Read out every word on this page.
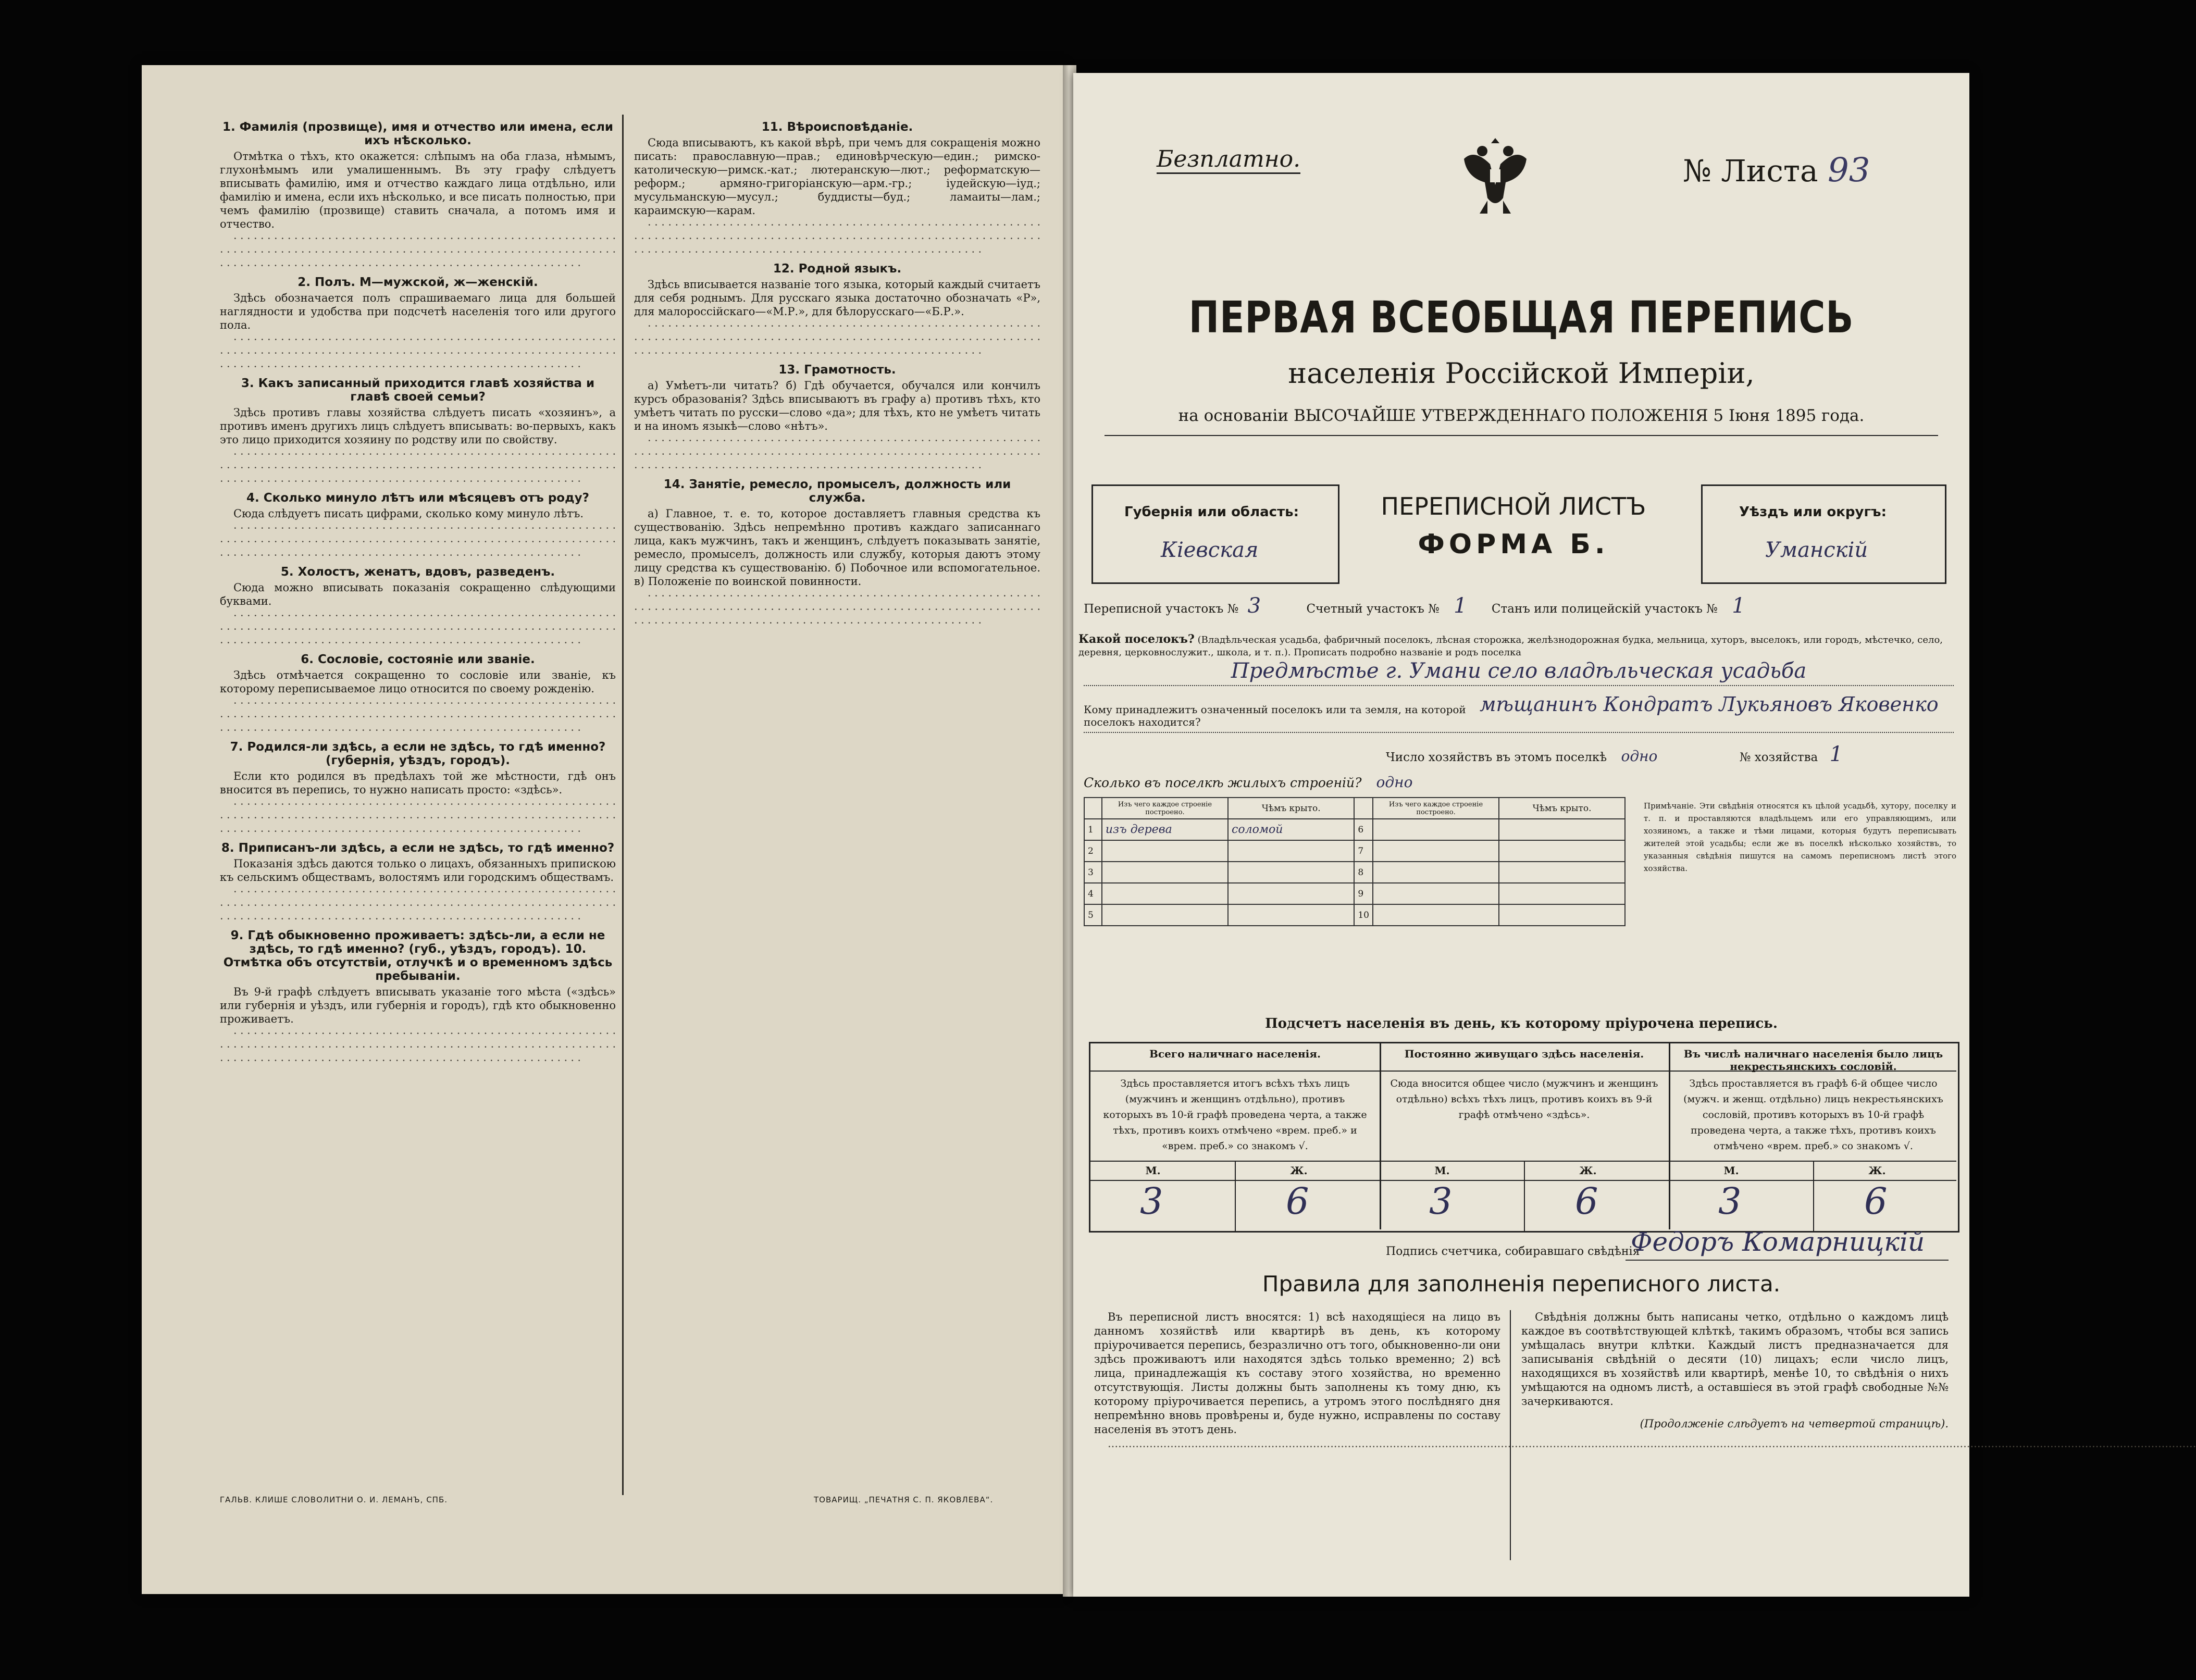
1. Фамилія (прозвище), имя и отчество или имена, если ихъ нѣсколько.

Отмѣтка о тѣхъ, кто окажется: слѣпымъ на оба глаза, нѣмымъ, глухонѣмымъ или умалишеннымъ. Въ эту графу слѣдуетъ вписывать фамилію, имя и отчество каждаго лица отдѣльно, или фамилію и имена, если ихъ нѣсколько, и все писать полностью, при чемъ фамилію (прозвище) ставить сначала, а потомъ имя и отчество.

· · · · · · · · · · · · · · · · · · · · · · · · · · · · · · · · · · · · · · · · · · · · · · · · · · · · · · · · · · · · · · · · · · · · · · · · · · · · · · · · · · · · · · · · · · · · · · · · · · · · · · · · · · · · · · · · · · · · · · · · · · · · · · · · · · · · · · · · · · · · · · · · · · · · · · · · · · · · · · · · · · · · · · · · · ·

2. Полъ. М—мужской, ж—женскій.

Здѣсь обозначается полъ спрашиваемаго лица для большей наглядности и удобства при подсчетѣ населенія того или другого пола.

· · · · · · · · · · · · · · · · · · · · · · · · · · · · · · · · · · · · · · · · · · · · · · · · · · · · · · · · · · · · · · · · · · · · · · · · · · · · · · · · · · · · · · · · · · · · · · · · · · · · · · · · · · · · · · · · · · · · · · · · · · · · · · · · · · · · · · · · · · · · · · · · · · · · · · · · · · · · · · · · · · · · · · · · · ·

3. Какъ записанный приходится главѣ хозяйства и главѣ своей семьи?

Здѣсь противъ главы хозяйства слѣдуетъ писать «хозяинъ», а противъ именъ другихъ лицъ слѣдуетъ вписывать: во-первыхъ, какъ это лицо приходится хозяину по родству или по свойству.

· · · · · · · · · · · · · · · · · · · · · · · · · · · · · · · · · · · · · · · · · · · · · · · · · · · · · · · · · · · · · · · · · · · · · · · · · · · · · · · · · · · · · · · · · · · · · · · · · · · · · · · · · · · · · · · · · · · · · · · · · · · · · · · · · · · · · · · · · · · · · · · · · · · · · · · · · · · · · · · · · · · · · · · · · ·

4. Сколько минуло лѣтъ или мѣсяцевъ отъ роду?

Сюда слѣдуетъ писать цифрами, сколько кому минуло лѣтъ.

· · · · · · · · · · · · · · · · · · · · · · · · · · · · · · · · · · · · · · · · · · · · · · · · · · · · · · · · · · · · · · · · · · · · · · · · · · · · · · · · · · · · · · · · · · · · · · · · · · · · · · · · · · · · · · · · · · · · · · · · · · · · · · · · · · · · · · · · · · · · · · · · · · · · · · · · · · · · · · · · · · · · · · · · · ·

5. Холостъ, женатъ, вдовъ, разведенъ.

Сюда можно вписывать показанія сокращенно слѣдующими буквами.

· · · · · · · · · · · · · · · · · · · · · · · · · · · · · · · · · · · · · · · · · · · · · · · · · · · · · · · · · · · · · · · · · · · · · · · · · · · · · · · · · · · · · · · · · · · · · · · · · · · · · · · · · · · · · · · · · · · · · · · · · · · · · · · · · · · · · · · · · · · · · · · · · · · · · · · · · · · · · · · · · · · · · · · · · ·

6. Сословіе, состояніе или званіе.

Здѣсь отмѣчается сокращенно то сословіе или званіе, къ которому переписываемое лицо относится по своему рожденію.

· · · · · · · · · · · · · · · · · · · · · · · · · · · · · · · · · · · · · · · · · · · · · · · · · · · · · · · · · · · · · · · · · · · · · · · · · · · · · · · · · · · · · · · · · · · · · · · · · · · · · · · · · · · · · · · · · · · · · · · · · · · · · · · · · · · · · · · · · · · · · · · · · · · · · · · · · · · · · · · · · · · · · · · · · ·

7. Родился-ли здѣсь, а если не здѣсь, то гдѣ именно? (губернія, уѣздъ, городъ).

Если кто родился въ предѣлахъ той же мѣстности, гдѣ онъ вносится въ перепись, то нужно написать просто: «здѣсь».

· · · · · · · · · · · · · · · · · · · · · · · · · · · · · · · · · · · · · · · · · · · · · · · · · · · · · · · · · · · · · · · · · · · · · · · · · · · · · · · · · · · · · · · · · · · · · · · · · · · · · · · · · · · · · · · · · · · · · · · · · · · · · · · · · · · · · · · · · · · · · · · · · · · · · · · · · · · · · · · · · · · · · · · · · ·

8. Приписанъ-ли здѣсь, а если не здѣсь, то гдѣ именно?

Показанія здѣсь даются только о лицахъ, обязанныхъ припискою къ сельскимъ обществамъ, волостямъ или городскимъ обществамъ.

· · · · · · · · · · · · · · · · · · · · · · · · · · · · · · · · · · · · · · · · · · · · · · · · · · · · · · · · · · · · · · · · · · · · · · · · · · · · · · · · · · · · · · · · · · · · · · · · · · · · · · · · · · · · · · · · · · · · · · · · · · · · · · · · · · · · · · · · · · · · · · · · · · · · · · · · · · · · · · · · · · · · · · · · · ·

9. Гдѣ обыкновенно проживаетъ: здѣсь-ли, а если не здѣсь, то гдѣ именно? (губ., уѣздъ, городъ). 10. Отмѣтка объ отсутствіи, отлучкѣ и о временномъ здѣсь пребываніи.

Въ 9-й графѣ слѣдуетъ вписывать указаніе того мѣста («здѣсь» или губернія и уѣздъ, или губернія и городъ), гдѣ кто обыкновенно проживаетъ.

· · · · · · · · · · · · · · · · · · · · · · · · · · · · · · · · · · · · · · · · · · · · · · · · · · · · · · · · · · · · · · · · · · · · · · · · · · · · · · · · · · · · · · · · · · · · · · · · · · · · · · · · · · · · · · · · · · · · · · · · · · · · · · · · · · · · · · · · · · · · · · · · · · · · · · · · · · · · · · · · · · · · · · · · · ·

11. Вѣроисповѣданіе.

Сюда вписываютъ, къ какой вѣрѣ, при чемъ для сокращенія можно писать: православную—прав.; единовѣрческую—един.; римско-католическую—римск.-кат.; лютеранскую—лют.; реформатскую—реформ.; армяно-григоріанскую—арм.-гр.; іудейскую—іуд.; мусульманскую—мусул.; буддисты—буд.; ламаиты—лам.; караимскую—карам.

· · · · · · · · · · · · · · · · · · · · · · · · · · · · · · · · · · · · · · · · · · · · · · · · · · · · · · · · · · · · · · · · · · · · · · · · · · · · · · · · · · · · · · · · · · · · · · · · · · · · · · · · · · · · · · · · · · · · · · · · · · · · · · · · · · · · · · · · · · · · · · · · · · · · · · · · · · · · · · · · · · · · · · · · · ·

12. Родной языкъ.

Здѣсь вписывается названіе того языка, который каждый считаетъ для себя роднымъ. Для русскаго языка достаточно обозначать «Р», для малороссійскаго—«М.Р.», для бѣлорусскаго—«Б.Р.».

· · · · · · · · · · · · · · · · · · · · · · · · · · · · · · · · · · · · · · · · · · · · · · · · · · · · · · · · · · · · · · · · · · · · · · · · · · · · · · · · · · · · · · · · · · · · · · · · · · · · · · · · · · · · · · · · · · · · · · · · · · · · · · · · · · · · · · · · · · · · · · · · · · · · · · · · · · · · · · · · · · · · · · · · · ·

13. Грамотность.

а) Умѣетъ-ли читать? б) Гдѣ обучается, обучался или кончилъ курсъ образованія? Здѣсь вписываютъ въ графу а) противъ тѣхъ, кто умѣетъ читать по русски—слово «да»; для тѣхъ, кто не умѣетъ читать и на иномъ языкѣ—слово «нѣтъ».

· · · · · · · · · · · · · · · · · · · · · · · · · · · · · · · · · · · · · · · · · · · · · · · · · · · · · · · · · · · · · · · · · · · · · · · · · · · · · · · · · · · · · · · · · · · · · · · · · · · · · · · · · · · · · · · · · · · · · · · · · · · · · · · · · · · · · · · · · · · · · · · · · · · · · · · · · · · · · · · · · · · · · · · · · ·

14. Занятіе, ремесло, промыселъ, должность или служба.

а) Главное, т. е. то, которое доставляетъ главныя средства къ существованію. Здѣсь непремѣнно противъ каждаго записаннаго лица, какъ мужчинъ, такъ и женщинъ, слѣдуетъ показывать занятіе, ремесло, промыселъ, должность или службу, которыя даютъ этому лицу средства къ существованію. б) Побочное или вспомогательное. в) Положеніе по воинской повинности.

· · · · · · · · · · · · · · · · · · · · · · · · · · · · · · · · · · · · · · · · · · · · · · · · · · · · · · · · · · · · · · · · · · · · · · · · · · · · · · · · · · · · · · · · · · · · · · · · · · · · · · · · · · · · · · · · · · · · · · · · · · · · · · · · · · · · · · · · · · · · · · · · · · · · · · · · · · · · · · · · · · · · · · · · · ·

ГАЛЬВ. КЛИШЕ СЛОВОЛИТНИ О. И. ЛЕМАНЪ, СПБ.	ТОВАРИЩ. „ПЕЧАТНЯ С. П. ЯКОВЛЕВА“.
Безплатно.	№ Листа 93
ПЕРВАЯ ВСЕОБЩАЯ ПЕРЕПИСЬ
населенія Россійской Имперіи,
на основаніи ВЫСОЧАЙШЕ УТВЕРЖДЕННАГО ПОЛОЖЕНІЯ 5 Іюня 1895 года.
Губернія или область:
Кіевская
ПЕРЕПИСНОЙ ЛИСТЪ
ФОРМА Б.
Уѣздъ или округъ:
Уманскій
Переписной участокъ № 3	Счетный участокъ № 1 Станъ или полицейскій участокъ № 1
Какой поселокъ? (Владѣльческая усадьба, фабричный поселокъ, лѣсная сторожка, желѣзнодорожная будка, мельница, хуторъ, выселокъ, или городъ, мѣстечко, село, деревня, церковнослужит., школа, и т. п.). Прописать подробно названіе и родъ поселка
Предмѣстье г. Умани село владѣльческая усадьба
Кому принадлежитъ означенный поселокъ или та земля, на которой поселокъ находится?
мѣщанинъ Кондратъ Лукьяновъ Яковенко
Число хозяйствъ въ этомъ поселкѣ одно	№ хозяйства 1
Сколько въ поселкѣ жилыхъ строеній? одно
	Изъ чего каждое строеніе построено.	Чѣмъ крыто.		Изъ чего каждое строеніе построено.	Чѣмъ крыто.
1	изъ дерева	соломой	6		
2			7		
3			8		
4			9		
5			10		
Примѣчаніе. Эти свѣдѣнія относятся къ цѣлой усадьбѣ, хутору, поселку и т. п. и проставляются владѣльцемъ или его управляющимъ, или хозяиномъ, а также и тѣми лицами, которыя будутъ переписывать жителей этой усадьбы; если же въ поселкѣ нѣсколько хозяйствъ, то указанныя свѣдѣнія пишутся на самомъ переписномъ листѣ этого хозяйства.
Подсчетъ населенія въ день, къ которому пріурочена перепись.
Всего наличнаго населенія.
Здѣсь проставляется итогъ всѣхъ тѣхъ лицъ (мужчинъ и женщинъ отдѣльно), противъ которыхъ въ 10-й графѣ проведена черта, а также тѣхъ, противъ коихъ отмѣчено «врем. преб.» и «врем. преб.» со знакомъ √.
М.	Ж.
3	6
Постоянно живущаго здѣсь населенія.
Сюда вносится общее число (мужчинъ и женщинъ отдѣльно) всѣхъ тѣхъ лицъ, противъ коихъ въ 9-й графѣ отмѣчено «здѣсь».
М.	Ж.
3	6
Въ числѣ наличнаго населенія было лицъ некрестьянскихъ сословій.
Здѣсь проставляется въ графѣ 6-й общее число (мужч. и женщ. отдѣльно) лицъ некрестьянскихъ сословій, противъ которыхъ въ 10-й графѣ проведена черта, а также тѣхъ, противъ коихъ отмѣчено «врем. преб.» со знакомъ √.
М.	Ж.
3	6
Подпись счетчика, собиравшаго свѣдѣнія
Федоръ Комарницкій
Правила для заполненія переписного листа.

Въ переписной листъ вносятся: 1) всѣ находящіеся на лицо въ данномъ хозяйствѣ или квартирѣ въ день, къ которому пріурочивается перепись, безразлично отъ того, обыкновенно-ли они здѣсь проживаютъ или находятся здѣсь только временно; 2) всѣ лица, принадлежащія къ составу этого хозяйства, но временно отсутствующія. Листы должны быть заполнены къ тому дню, къ которому пріурочивается перепись, а утромъ этого послѣдняго дня непремѣнно вновь провѣрены и, буде нужно, исправлены по составу населенія въ этотъ день.

.........................................................................................................................................................................................................................................................................................................................

Свѣдѣнія должны быть написаны четко, отдѣльно о каждомъ лицѣ каждое въ соотвѣтствующей клѣткѣ, такимъ образомъ, чтобы вся запись умѣщалась внутри клѣтки. Каждый листъ предназначается для записыванія свѣдѣній о десяти (10) лицахъ; если число лицъ, находящихся въ хозяйствѣ или квартирѣ, менѣе 10, то свѣдѣнія о нихъ умѣщаются на одномъ листѣ, а оставшіеся въ этой графѣ свободные №№ зачеркиваются.

(Продолженіе слѣдуетъ на четвертой страницѣ).
